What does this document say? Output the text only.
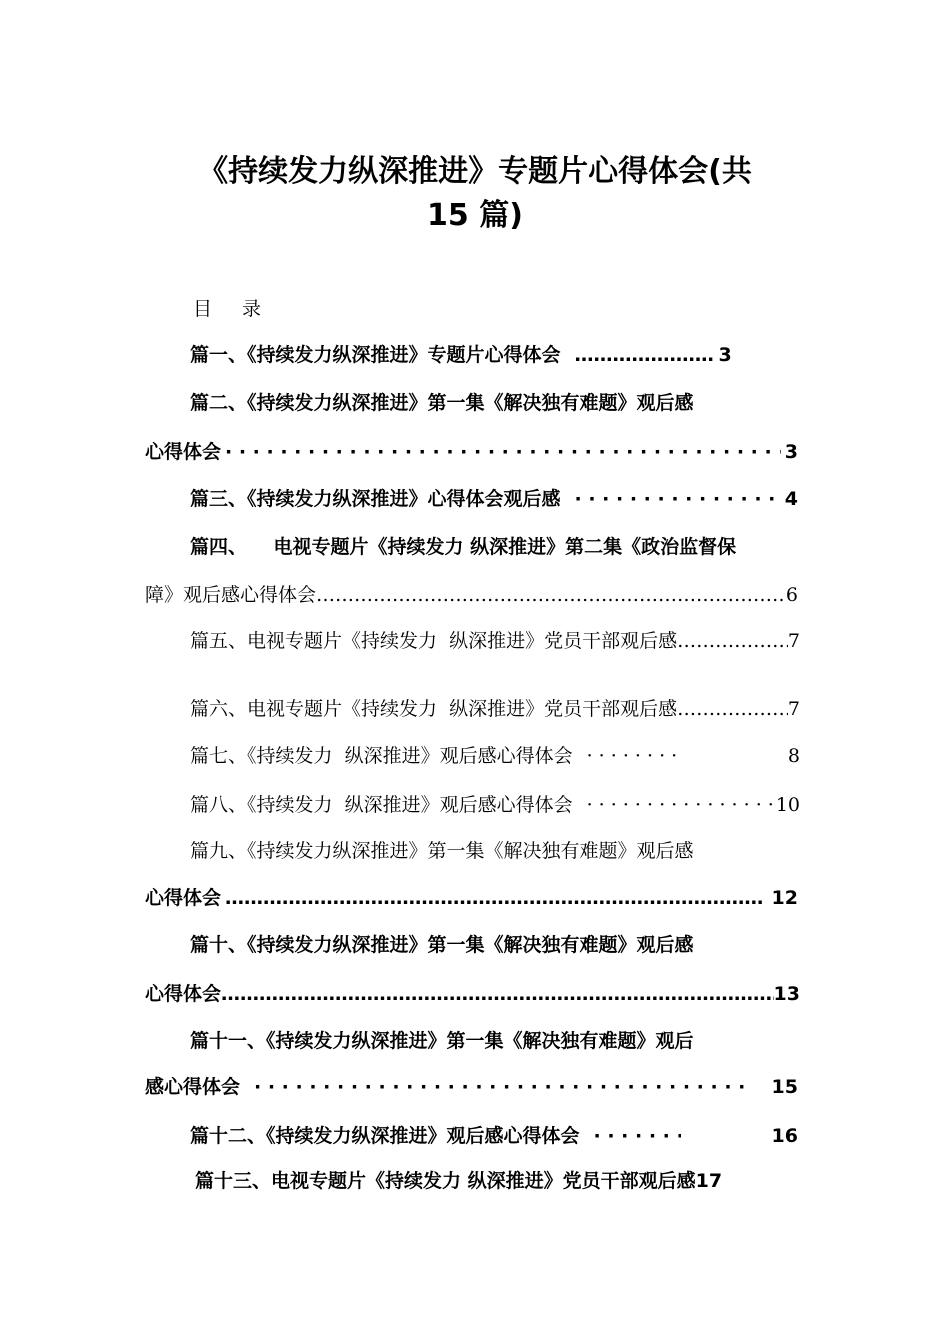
《持续发力纵深推进》专题片心得体会(共
15 篇)
目 录
篇一、《持续发力纵深推进》专题片心得体会 ……………………………………………………………………………………………………	3
篇二、《持续发力纵深推进》第一集《解决独有难题》观后感
心得体会 · · ·	3
篇三、《持续发力纵深推进》心得体会观后感 · · ·	4
篇四、    电视专题片《持续发力 纵深推进》第二集《政治监督保
障》观后感心得体会 ……………………………………………………………………………………………………	6
篇五、电视专题片《持续发力  纵深推进》党员干部观后感 ……………………………………………………………………………………………………	7
篇六、电视专题片《持续发力  纵深推进》党员干部观后感 ……………………………………………………………………………………………………	7
篇七、《持续发力  纵深推进》观后感心得体会 · · ·	8
篇八、《持续发力  纵深推进》观后感心得体会 · · ·	10
篇九、《持续发力纵深推进》第一集《解决独有难题》观后感
心得体会 ……………………………………………………………………………………………………	12
篇十、《持续发力纵深推进》第一集《解决独有难题》观后感
心得体会 ……………………………………………………………………………………………………	13
篇十一、《持续发力纵深推进》第一集《解决独有难题》观后
感心得体会 · · ·	15
篇十二、《持续发力纵深推进》观后感心得体会 · · ·	16
篇十三、电视专题片《持续发力 纵深推进》党员干部观后感 17
